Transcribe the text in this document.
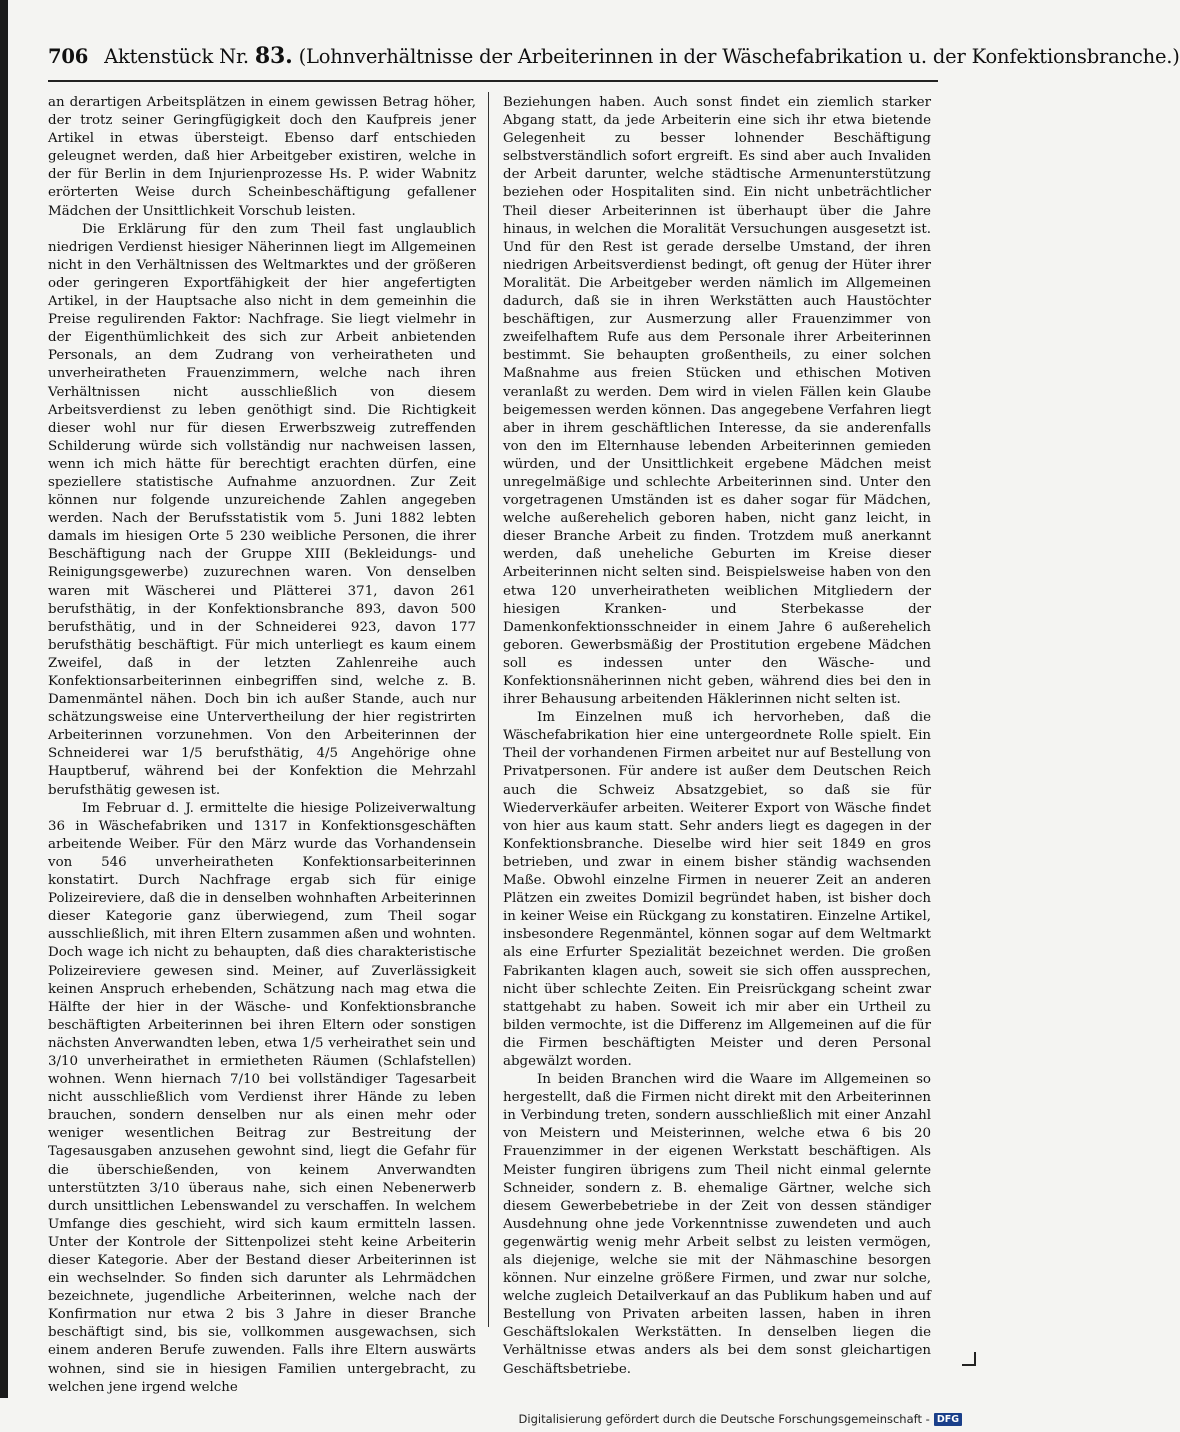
706 Aktenstück Nr. 83. (Lohnverhältnisse der Arbeiterinnen in der Wäschefabrikation u. der Konfektionsbranche.)

an derartigen Arbeitsplätzen in einem gewissen Betrag höher, der trotz seiner Geringfügigkeit doch den Kaufpreis jener Artikel in etwas übersteigt. Ebenso darf entschieden geleugnet werden, daß hier Arbeitgeber existiren, welche in der für Berlin in dem Injurienprozesse Hs. P. wider Wabnitz erörterten Weise durch Scheinbeschäftigung gefallener Mädchen der Unsittlichkeit Vorschub leisten.

Die Erklärung für den zum Theil fast unglaublich niedrigen Verdienst hiesiger Näherinnen liegt im Allgemeinen nicht in den Verhältnissen des Weltmarktes und der größeren oder geringeren Exportfähigkeit der hier angefertigten Artikel, in der Hauptsache also nicht in dem gemeinhin die Preise regulirenden Faktor: Nachfrage. Sie liegt vielmehr in der Eigenthümlichkeit des sich zur Arbeit anbietenden Personals, an dem Zudrang von verheiratheten und unverheiratheten Frauenzimmern, welche nach ihren Verhältnissen nicht ausschließlich von diesem Arbeitsverdienst zu leben genöthigt sind. Die Richtigkeit dieser wohl nur für diesen Erwerbszweig zutreffenden Schilderung würde sich vollständig nur nachweisen lassen, wenn ich mich hätte für berechtigt erachten dürfen, eine speziellere statistische Aufnahme anzuordnen. Zur Zeit können nur folgende unzureichende Zahlen angegeben werden. Nach der Berufsstatistik vom 5. Juni 1882 lebten damals im hiesigen Orte 5 230 weibliche Personen, die ihrer Beschäftigung nach der Gruppe XIII (Bekleidungs- und Reinigungsgewerbe) zuzurechnen waren. Von denselben waren mit Wäscherei und Plätterei 371, davon 261 berufsthätig, in der Konfektionsbranche 893, davon 500 berufsthätig, und in der Schneiderei 923, davon 177 berufsthätig beschäftigt. Für mich unterliegt es kaum einem Zweifel, daß in der letzten Zahlenreihe auch Konfektionsarbeiterinnen einbegriffen sind, welche z. B. Damenmäntel nähen. Doch bin ich außer Stande, auch nur schätzungsweise eine Untervertheilung der hier registrirten Arbeiterinnen vorzunehmen. Von den Arbeiterinnen der Schneiderei war 1/5 berufsthätig, 4/5 Angehörige ohne Hauptberuf, während bei der Konfektion die Mehrzahl berufsthätig gewesen ist.

Im Februar d. J. ermittelte die hiesige Polizeiverwaltung 36 in Wäschefabriken und 1317 in Konfektionsgeschäften arbeitende Weiber. Für den März wurde das Vorhandensein von 546 unverheiratheten Konfektionsarbeiterinnen konstatirt. Durch Nachfrage ergab sich für einige Polizeireviere, daß die in denselben wohnhaften Arbeiterinnen dieser Kategorie ganz überwiegend, zum Theil sogar ausschließlich, mit ihren Eltern zusammen aßen und wohnten. Doch wage ich nicht zu behaupten, daß dies charakteristische Polizeireviere gewesen sind. Meiner, auf Zuverlässigkeit keinen Anspruch erhebenden, Schätzung nach mag etwa die Hälfte der hier in der Wäsche- und Konfektionsbranche beschäftigten Arbeiterinnen bei ihren Eltern oder sonstigen nächsten Anverwandten leben, etwa 1/5 verheirathet sein und 3/10 unverheirathet in ermietheten Räumen (Schlafstellen) wohnen. Wenn hiernach 7/10 bei vollständiger Tagesarbeit nicht ausschließlich vom Verdienst ihrer Hände zu leben brauchen, sondern denselben nur als einen mehr oder weniger wesentlichen Beitrag zur Bestreitung der Tagesausgaben anzusehen gewohnt sind, liegt die Gefahr für die überschießenden, von keinem Anverwandten unterstützten 3/10 überaus nahe, sich einen Nebenerwerb durch unsittlichen Lebenswandel zu verschaffen. In welchem Umfange dies geschieht, wird sich kaum ermitteln lassen. Unter der Kontrole der Sittenpolizei steht keine Arbeiterin dieser Kategorie. Aber der Bestand dieser Arbeiterinnen ist ein wechselnder. So finden sich darunter als Lehrmädchen bezeichnete, jugendliche Arbeiterinnen, welche nach der Konfirmation nur etwa 2 bis 3 Jahre in dieser Branche beschäftigt sind, bis sie, vollkommen ausgewachsen, sich einem anderen Berufe zuwenden. Falls ihre Eltern auswärts wohnen, sind sie in hiesigen Familien untergebracht, zu welchen jene irgend welche

Beziehungen haben. Auch sonst findet ein ziemlich starker Abgang statt, da jede Arbeiterin eine sich ihr etwa bietende Gelegenheit zu besser lohnender Beschäftigung selbstverständlich sofort ergreift. Es sind aber auch Invaliden der Arbeit darunter, welche städtische Armenunterstützung beziehen oder Hospitaliten sind. Ein nicht unbeträchtlicher Theil dieser Arbeiterinnen ist überhaupt über die Jahre hinaus, in welchen die Moralität Versuchungen ausgesetzt ist. Und für den Rest ist gerade derselbe Umstand, der ihren niedrigen Arbeitsverdienst bedingt, oft genug der Hüter ihrer Moralität. Die Arbeitgeber werden nämlich im Allgemeinen dadurch, daß sie in ihren Werkstätten auch Haustöchter beschäftigen, zur Ausmerzung aller Frauenzimmer von zweifelhaftem Rufe aus dem Personale ihrer Arbeiterinnen bestimmt. Sie behaupten großentheils, zu einer solchen Maßnahme aus freien Stücken und ethischen Motiven veranlaßt zu werden. Dem wird in vielen Fällen kein Glaube beigemessen werden können. Das angegebene Verfahren liegt aber in ihrem geschäftlichen Interesse, da sie anderenfalls von den im Elternhause lebenden Arbeiterinnen gemieden würden, und der Unsittlichkeit ergebene Mädchen meist unregelmäßige und schlechte Arbeiterinnen sind. Unter den vorgetragenen Umständen ist es daher sogar für Mädchen, welche außerehelich geboren haben, nicht ganz leicht, in dieser Branche Arbeit zu finden. Trotzdem muß anerkannt werden, daß uneheliche Geburten im Kreise dieser Arbeiterinnen nicht selten sind. Beispielsweise haben von den etwa 120 unverheiratheten weiblichen Mitgliedern der hiesigen Kranken- und Sterbekasse der Damenkonfektionsschneider in einem Jahre 6 außerehelich geboren. Gewerbsmäßig der Prostitution ergebene Mädchen soll es indessen unter den Wäsche- und Konfektionsnäherinnen nicht geben, während dies bei den in ihrer Behausung arbeitenden Häklerinnen nicht selten ist.

Im Einzelnen muß ich hervorheben, daß die Wäschefabrikation hier eine untergeordnete Rolle spielt. Ein Theil der vorhandenen Firmen arbeitet nur auf Bestellung von Privatpersonen. Für andere ist außer dem Deutschen Reich auch die Schweiz Absatzgebiet, so daß sie für Wiederverkäufer arbeiten. Weiterer Export von Wäsche findet von hier aus kaum statt. Sehr anders liegt es dagegen in der Konfektionsbranche. Dieselbe wird hier seit 1849 en gros betrieben, und zwar in einem bisher ständig wachsenden Maße. Obwohl einzelne Firmen in neuerer Zeit an anderen Plätzen ein zweites Domizil begründet haben, ist bisher doch in keiner Weise ein Rückgang zu konstatiren. Einzelne Artikel, insbesondere Regenmäntel, können sogar auf dem Weltmarkt als eine Erfurter Spezialität bezeichnet werden. Die großen Fabrikanten klagen auch, soweit sie sich offen aussprechen, nicht über schlechte Zeiten. Ein Preisrückgang scheint zwar stattgehabt zu haben. Soweit ich mir aber ein Urtheil zu bilden vermochte, ist die Differenz im Allgemeinen auf die für die Firmen beschäftigten Meister und deren Personal abgewälzt worden.

In beiden Branchen wird die Waare im Allgemeinen so hergestellt, daß die Firmen nicht direkt mit den Arbeiterinnen in Verbindung treten, sondern ausschließlich mit einer Anzahl von Meistern und Meisterinnen, welche etwa 6 bis 20 Frauenzimmer in der eigenen Werkstatt beschäftigen. Als Meister fungiren übrigens zum Theil nicht einmal gelernte Schneider, sondern z. B. ehemalige Gärtner, welche sich diesem Gewerbebetriebe in der Zeit von dessen ständiger Ausdehnung ohne jede Vorkenntnisse zuwendeten und auch gegenwärtig wenig mehr Arbeit selbst zu leisten vermögen, als diejenige, welche sie mit der Nähmaschine besorgen können. Nur einzelne größere Firmen, und zwar nur solche, welche zugleich Detailverkauf an das Publikum haben und auf Bestellung von Privaten arbeiten lassen, haben in ihren Geschäftslokalen Werkstätten. In denselben liegen die Verhältnisse etwas anders als bei dem sonst gleichartigen Geschäftsbetriebe.

Digitalisierung gefördert durch die Deutsche Forschungsgemeinschaft - DFG
